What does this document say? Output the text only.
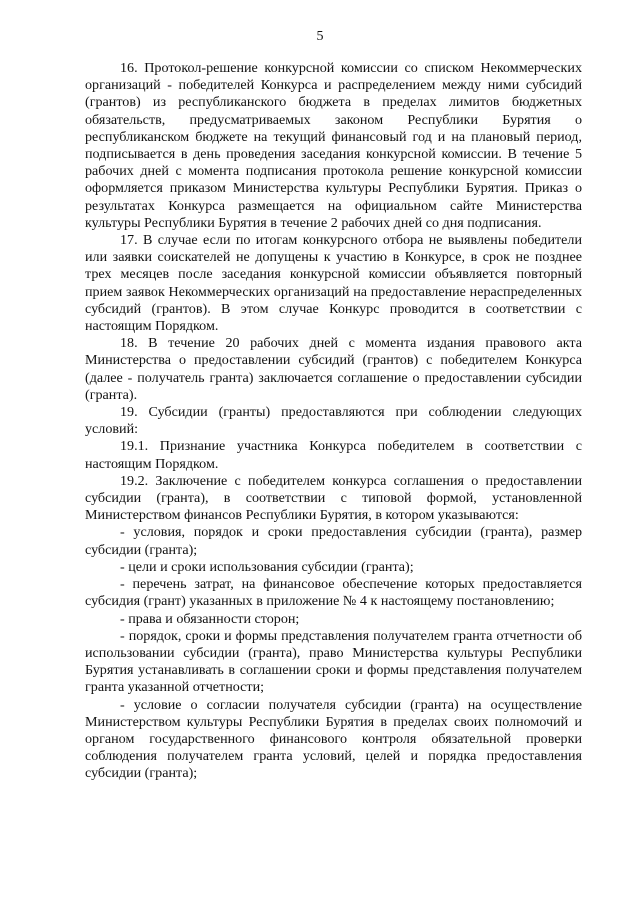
5

16. Протокол-решение конкурсной комиссии со списком Некоммерческих организаций - победителей Конкурса и распределением между ними субсидий (грантов) из республиканского бюджета в пределах лимитов бюджетных обязательств, предусматриваемых законом Республики Бурятия о республиканском бюджете на текущий финансовый год и на плановый период, подписывается в день проведения заседания конкурсной комиссии. В течение 5 рабочих дней с момента подписания протокола решение конкурсной комиссии оформляется приказом Министерства культуры Республики Бурятия. Приказ о результатах Конкурса размещается на официальном сайте Министерства культуры Республики Бурятия в течение 2 рабочих дней со дня подписания.

17. В случае если по итогам конкурсного отбора не выявлены победители или заявки соискателей не допущены к участию в Конкурсе, в срок не позднее трех месяцев после заседания конкурсной комиссии объявляется повторный прием заявок Некоммерческих организаций на предоставление нераспределенных субсидий (грантов). В этом случае Конкурс проводится в соответствии с настоящим Порядком.

18. В течение 20 рабочих дней с момента издания правового акта Министерства о предоставлении субсидий (грантов) с победителем Конкурса (далее - получатель гранта) заключается соглашение о предоставлении субсидии (гранта).

19. Субсидии (гранты) предоставляются при соблюдении следующих условий:

19.1. Признание участника Конкурса победителем в соответствии с настоящим Порядком.

19.2. Заключение с победителем конкурса соглашения о предоставлении субсидии (гранта), в соответствии с типовой формой, установленной Министерством финансов Республики Бурятия, в котором указываются:

- условия, порядок и сроки предоставления субсидии (гранта), размер субсидии (гранта);

- цели и сроки использования субсидии (гранта);

- перечень затрат, на финансовое обеспечение которых предоставляется субсидия (грант) указанных в приложение № 4 к настоящему постановлению;

- права и обязанности сторон;

- порядок, сроки и формы представления получателем гранта отчетности об использовании субсидии (гранта), право Министерства культуры Республики Бурятия устанавливать в соглашении сроки и формы представления получателем гранта указанной отчетности;

- условие о согласии получателя субсидии (гранта) на осуществление Министерством культуры Республики Бурятия в пределах своих полномочий и органом государственного финансового контроля обязательной проверки соблюдения получателем гранта условий, целей и порядка предоставления субсидии (гранта);
